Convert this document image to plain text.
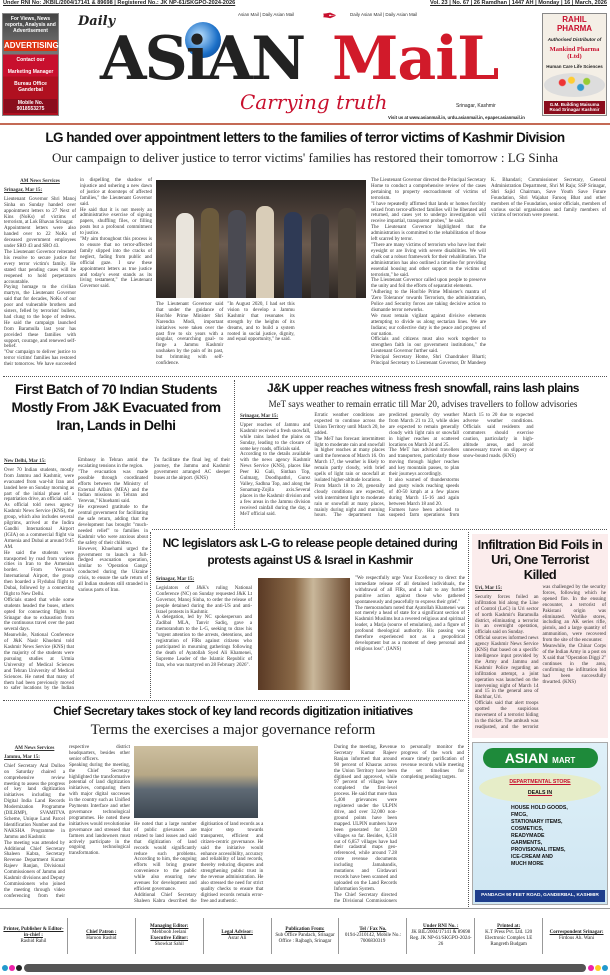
Under RNI No: JKBIL/2004/17141 & 89698 | Registered No.: JK NP-61/SKGPO-2024-2026	Vol. 23 | No. 67 | 26 Ramdhan | 1447 AH | Monday | 16 | March, 2026
For Views, News reports, Analysis and Advertisement
ADVERTISING
Contact our
Marketing Manager
Bureau Office Ganderbal
Mobile No. 9018553275
Daily	Asian Mail | Daily Asian Mail ✒	Daily Asian Mail | Daily Asian Mail
ASiAN MaiL
Carrying truth	Srinagar, Kashmir
Visit us at www.asianmail.in, urdu.asianmail.in, epaper.asianmail.in
RAHIL PHARMA
Authorised Distributor of
Mankind Pharma (Ltd)
Human Care Life Sciences
G.M. Building Maisuma Road Srinagar Kashmir
LG handed over appointment letters to the families of terror victims of Kashmir Division
Our campaign to deliver justice to terror victims' families has restored their tomorrow : LG Sinha
AM News Services
Srinagar, Mar 15:

Lieutenant Governor Shri Manoj Sinha on Sunday handed over appointment letters to 27 Next of Kins (NoKs) of victims of terrorism, at Lok Bhavan Srinagar.

Appointment letters were also handed over to 22 NoKs of deceased government employees under SRO 43 and SRO 43.

The Lieutenant Governor reiterated his resolve to secure justice for every terror victim's family. He stated that pending cases will be reopened to hold perpetrators accountable.

Paying homage to the civilian martyrs, the Lieutenant Governor said that for decades, NoKs of our poor and vulnerable brothers and sisters, felled by terrorists' bullets, had clung to the hope of redress. He said the campaign launched from Baramulla last year has provided these families with support, courage, and renewed self-belief.

"Our campaign to deliver justice to terror victims' families has restored their tomorrow. We have succeeded in dispelling the shadow of injustice and ushering a new dawn of justice at doorsteps of affected families," the Lieutenant Governor said.

He said that it is not merely an administrative exercise of signing papers, shuffling files, or filling posts but a profound commitment to justice.

"My aim throughout this process is to ensure that no terror-affected family slipped into the cracks of neglect, fading from public and official gaze. I saw these appointment letters as true justice and today's event stands as its living testament," the Lieutenant Governor said.

The Lieutenant Governor said that under the guidance of Hon'ble Prime Minister Shri Narendra Modi, important initiatives were taken over the past five to six years with a singular, overarching goal- to forge a Jammu Kashmir unshaken by the pain of its past, but brimming with self-confidence.

"In August 2020, I had set this vision to develop a Jammu Kashmir that resonates its strength by the heights of its dreams, and to build a system rooted in social justice, dignity, and equal opportunity," he said.

The Lieutenant Governor directed the Principal Secretary Home to conduct a comprehensive review of the cases pertaining to property encroachment of victims of terrorism.

"I have repeatedly affirmed that lands or homes forcibly seized from terror-affected families will be liberated and returned, and cases yet to undergo investigation will receive impartial, transparent probes," he said.

The Lieutenant Governor highlighted that the administration is committed to the rehabilitation of those left scarred by terror.

"There are many victims of terrorism who have lost their eyesight or are living with severe disabilities. We will chalk out a robust framework for their rehabilitation. The administration has also outlined a timeline for providing essential housing and other support to the victims of terrorism," he said.

The Lieutenant Governor called upon people to preserve the unity and foil the efforts of separatist elements.

"Adhering to the Hon'ble Prime Minister's mantra of 'Zero Tolerance' towards Terrorism, the administration, Police and Security forces are taking decisive action to dismantle terror networks.

We must remain vigilant against divisive elements attempting to divide us along sectarian lines. We are Indians; our collective duty is the peace and progress of our nation.

Officials and citizens must also work together to strengthen faith in our government institutions," the Lieutenant Governor further said.

Principal Secretary Home, Shri Chandraker Bharti; Principal Secretary to Lieutenant Governor, Dr Mandeep K. Bhandari; Commissioner Secretary, General Administration Department, Shri M Raju; SSP Srinagar, Shri Sajid Chairman, Save Youth Save Future Foundation, Shri Wajahat Farooq Bhat and other members of the Foundation, senior officials, members of various social organisations and family members of victims of terrorism were present.

First Batch of 70 Indian Students Mostly From J&K Evacuated from Iran, Lands in Delhi
New Delhi, Mar 15:

Over 70 Indian students, mostly from Jammu and Kashmir, were evacuated from war-hit Iran and landed here on Sunday morning as part of the initial phase of a repatriation drive, an official said.

As official told news agency Kashmir News Service (KNS), the group, which also includes several pilgrims, arrived at the Indira Gandhi International Airport (IGIA) on a commercial flight via Armenia and Dubai at around 9:45 AM.

He said the students were transported by road from various cities in Iran to the Armenian border. From Yerevan's International Airport, the group then boarded a Flydubai flight to Dubai, followed by a connecting flight to New Delhi.

Officials stated that while some students headed the buses, others opted for connecting flights to Srinagar due to exhaustion from the continuous travel over the past several days.

Meanwhile, National Conference of J&K Nasir Khuehmi told Kashmir News Service (KNS) that the majority of the students were pursuing studies at Urmia University of Medical Sciences and Tehran University of Medical Sciences. He noted that many of them had been previously moved to safer locations by the Indian Embassy in Tehran amid the escalating tensions in the region.

"The evacuation was made possible through coordinated efforts between the Ministry of External Affairs (MEA) and the Indian missions in Tehran and Yerevan," Khuehami said.

He expressed gratitude to the central government for facilitating the safe return, adding that the development has brought "much-needed relief" to families in Kashmir who were anxious about the safety of their children.

However, Khuehami urged the government to launch a full-fledged evacuation operation, similar to 'Operation Ganga' conducted during the Ukraine crisis, to ensure the safe return of all Indian students still stranded in various parts of Iran.

To facilitate the final leg of their journey, the Jammu and Kashmir government arranged AC sleeper buses at the airport. (KNS)

J&K upper reaches witness fresh snowfall, rains lash plains
MeT says weather to remain erratic till Mar 20, advises travellers to follow advisories
Srinagar, Mar 15:

Upper reaches of Jammu and Kashmir received a fresh snowfall, while rains lashed the plains on Sunday, leading to the closure of some key roads, officials said.

According to the details available with the news agency Kashmir News Service (KNS), places like Peer Ki Gali, Sinthan Top, Gulmarg, Doodhpathri, Gurez Valley, Sadhna Top, and along the Sonamarg-Zojila axis.Several places in the Kashmir division and a few areas in the Jammu division received rainfall during the day, a MeT official said.

Erratic weather conditions are expected to continue across the Union Territory until March 20, he added.

The MeT has forecast intermittent light to moderate rain and snowfall in higher reaches at many places until the forenoon of March 16. On March 17, the weather is likely to remain partly cloudy, with brief spells of light rain or snowfall at isolated higher-altitude locations.

From March 18 to 20, generally cloudy conditions are expected, with intermittent light to moderate rain or snowfall at many places, mainly during night and morning hours. The department has predicted generally dry weather from March 21 to 23, while skies are expected to remain generally cloudy with light rain or snowfall in higher reaches at scattered locations on March 24 and 25.

The MeT has advised travellers and transporters, particularly those moving through higher reaches and key mountain passes, to plan their journeys accordingly.

It also warned of thunderstorms and gusty winds reaching speeds of 40-50 kmph at a few places during March 15-16 and again between March 18 and 20.

Farmers have been advised to suspend farm operations from March 15 to 20 due to expected adverse weather conditions. Officials said residents and commuters should exercise caution, particularly in high-altitude areas, and avoid unnecessary travel on slippery or snow-bound roads. (KNS)

NC legislators ask L-G to release people detained during protests against US & Israel in Kashmir
Srinagar, Mar 15:

Legislators of J&K's ruling National Conference (NC) on Sunday requested J&K Lt Governor, Manoj Sinha, to order the release of people detained during the anti-US and anti-Israel protests in Kashmir.

A delegation, led by NC spokesperson and Zadibal MLA, Tanvir Sadiq, gave a memorandum to the L-G, seeking to draw his "urgent attention to the arrests, detentions, and registration of FIRs against citizens who participated in mourning gatherings following the death of Ayatollah Syed Ali Khamenei, Supreme Leader of the Islamic Republic of Iran, who was martyred on 28 February 2026".

"We respectfully urge Your Excellency to direct the immediate release of all detained individuals, the withdrawal of all FIRs, and a halt to any further punitive action against those who gathered spontaneously and peacefully to express their grief."

The memorandum noted that Ayatollah Khamenei was not merely a head of state for a significant section of Kashmiri Muslims but a revered religious and spiritual leader, a Marja (source of emulation), and a figure of profound theological authority. His passing was therefore experienced not as a geopolitical development but as a moment of deep personal and religious loss". (IANS)

Infiltration Bid Foils in Uri, One Terrorist Killed
Uri, Mar 15:

Security forces foiled an infiltration bid along the Line of Control (LoC) in Uri sector of north Kashmir's Baramulla district, eliminating a terrorist in an overnight operation, officials said on Sunday.

Official sources informed news agency Kashmir News Service (KNS) that based on a specific intelligence input provided by the Army and Jammu and Kashmir Police regarding an infiltration attempt, a joint operation was launched on the intervening night of March 14 and 15 in the general area of Bachhar, Uri.

Officials said that alert troops spotted the suspicious movement of a terrorist hiding in the thicket. The ambush was readjusted, and the terrorist was challenged by the security forces, following which he opened fire. In the ensuing encounter, a terrorist of Pakistani origin was eliminated. Warlike stores, including an AK series rifle, pistols, and a large quantity of ammunition, were recovered from the site of the encounter.

Meanwhile, the Chinar Corps of the Indian Army in a post on X said that "Operation Diggi 2" continues in the area, confirming the infiltration bid had been successfully thwarted. (KNS)

Chief Secretary takes stock of key land records digitization initiatives
Terms the exercises a major governance reform
AM News Services
Jammu, Mar 15:

Chief Secretary Atal Dulloo on Saturday chaired a comprehensive review meeting to assess the progress of key land digitization initiatives including the Digital India Land Records Modernization Programme (DILRMP), SVAMITVA Scheme, Unique Land Parcel Identification Number and the NAKSHA Programme in Jammu and Kashmir.

The meeting was attended by Additional Chief Secretary Shaleen Kabra, Secretary Revenue Department Kumar Rajeev Ranjan, Divisional Commissioners of Jammu and Kashmir divisions and Deputy Commissioners who joined the meeting through video conferencing from their respective district headquarters, besides other senior officers.

Speaking during the meeting, the Chief Secretary highlighted the transformative potential of land digitization initiatives, comparing them with major digital successes in the country such as Unified Payments Interface and other governance technological programmes. He noted these initiatives would revolutionise governance and stressed that farmers and landowners must actively participate in the ongoing technological transformation.

He noted that a large number of public grievances are related to land issues and said that digitization of land records would significantly reduce such problems. According to him, the ongoing efforts will bring greater convenience to the public while also ensuring new avenues for development and efficient governance.

Additional Chief Secretary Shaleen Kabra described the digitisation of land records as a major step towards transparent, efficient and citizen-centric governance. He said the initiative would enhance accessibility, accuracy and reliability of land records, thereby reducing disputes and strengthening public trust in the revenue administration. He also stressed the need for strict quality checks to ensure that digitised records remain error-free and authentic.

During the meeting, Revenue Secretary Kumar Rajeev Ranjan informed that around 98 percent of Khasras across the Union Territory have been digitised and approved, while 97 percent of villages have completed the first-level process. He said that more than 5,400 grievances were registered under the ULPIN drive, and over 32,000 non-ground points have been mapped. ULPIN numbers have been generated for 3,320 villages so far. Besides, 6,518 out of 6,857 villages have had their cadastral maps geo-referenced, while around 7.28 crore revenue documents including Jamabandis, mutations and Girdawari records have been scanned and uploaded on the Land Records Information System.

The Chief Secretary directed the Divisional Commissioners to personally monitor the progress of the work and ensure timely purification of revenue records while meeting the set timelines for completing pending targets.

ASIAN MART
DEPARTMENTAL STORE
DEALS IN
HOUSE HOLD GOODS,
FMCG,
STATIONARY ITEMS,
COSMETICS,
READYMADE
GARMENTS,
PROVISIONAL ITEMS,
ICE-CREAM AND
MUCH MORE
PANDACH 90 FEET ROAD, GANDERBAL, KASHMIR
Printer, Publisher & Editor-in-chief :
Rashid Rahil
Chief Patron :
Haroon Rashid
Managing Editor:
Mehboob Jeelani
Executive Editor:
Showkat Sahil
Legal Advisor:
Asrar Ali
Publication From:
Sub Office Pandach, Srinagar Office : Rajbagh, Srinagar
Tel / Fax No.
0194-2310142, Mobile No.: 7006830319
Under RNI No. :
JK BIL/2004/17141 & 89698 Reg. JK NP-61/SKGPO-2024-26
Printed at:
K.T Press Pvt. Ltd. 120 Electronic Complex I.E Rangreth Budgam
Correspondent Srinagar:
Firdous Ah. Wani
